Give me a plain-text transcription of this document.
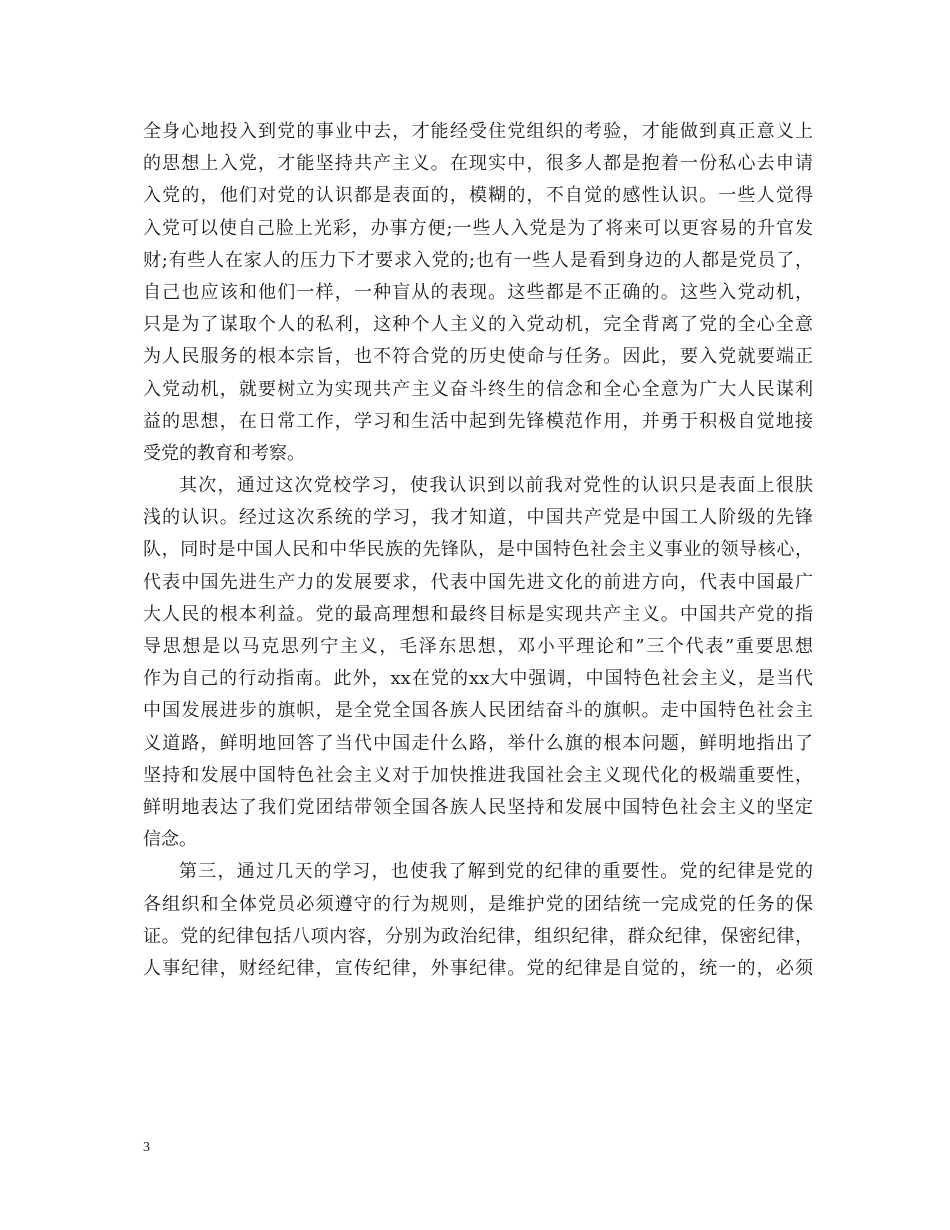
全身心地投入到党的事业中去，才能经受住党组织的考验，才能做到真正意义上
的思想上入党，才能坚持共产主义。在现实中，很多人都是抱着一份私心去申请
入党的，他们对党的认识都是表面的，模糊的，不自觉的感性认识。一些人觉得
入党可以使自己脸上光彩，办事方便;一些人入党是为了将来可以更容易的升官发
财;有些人在家人的压力下才要求入党的;也有一些人是看到身边的人都是党员了，
自己也应该和他们一样，一种盲从的表现。这些都是不正确的。这些入党动机，
只是为了谋取个人的私利，这种个人主义的入党动机，完全背离了党的全心全意
为人民服务的根本宗旨，也不符合党的历史使命与任务。因此，要入党就要端正
入党动机，就要树立为实现共产主义奋斗终生的信念和全心全意为广大人民谋利
益的思想，在日常工作，学习和生活中起到先锋模范作用，并勇于积极自觉地接
受党的教育和考察。
其次，通过这次党校学习，使我认识到以前我对党性的认识只是表面上很肤
浅的认识。经过这次系统的学习，我才知道，中国共产党是中国工人阶级的先锋
队，同时是中国人民和中华民族的先锋队，是中国特色社会主义事业的领导核心，
代表中国先进生产力的发展要求，代表中国先进文化的前进方向，代表中国最广
大人民的根本利益。党的最高理想和最终目标是实现共产主义。中国共产党的指
导思想是以马克思列宁主义，毛泽东思想，邓小平理论和”三个代表”重要思想
作为自己的行动指南。此外，xx在党的xx大中强调，中国特色社会主义，是当代
中国发展进步的旗帜，是全党全国各族人民团结奋斗的旗帜。走中国特色社会主
义道路，鲜明地回答了当代中国走什么路，举什么旗的根本问题，鲜明地指出了
坚持和发展中国特色社会主义对于加快推进我国社会主义现代化的极端重要性，
鲜明地表达了我们党团结带领全国各族人民坚持和发展中国特色社会主义的坚定
信念。
第三，通过几天的学习，也使我了解到党的纪律的重要性。党的纪律是党的
各组织和全体党员必须遵守的行为规则，是维护党的团结统一完成党的任务的保
证。党的纪律包括八项内容，分别为政治纪律，组织纪律，群众纪律，保密纪律，
人事纪律，财经纪律，宣传纪律，外事纪律。党的纪律是自觉的，统一的，必须
3
